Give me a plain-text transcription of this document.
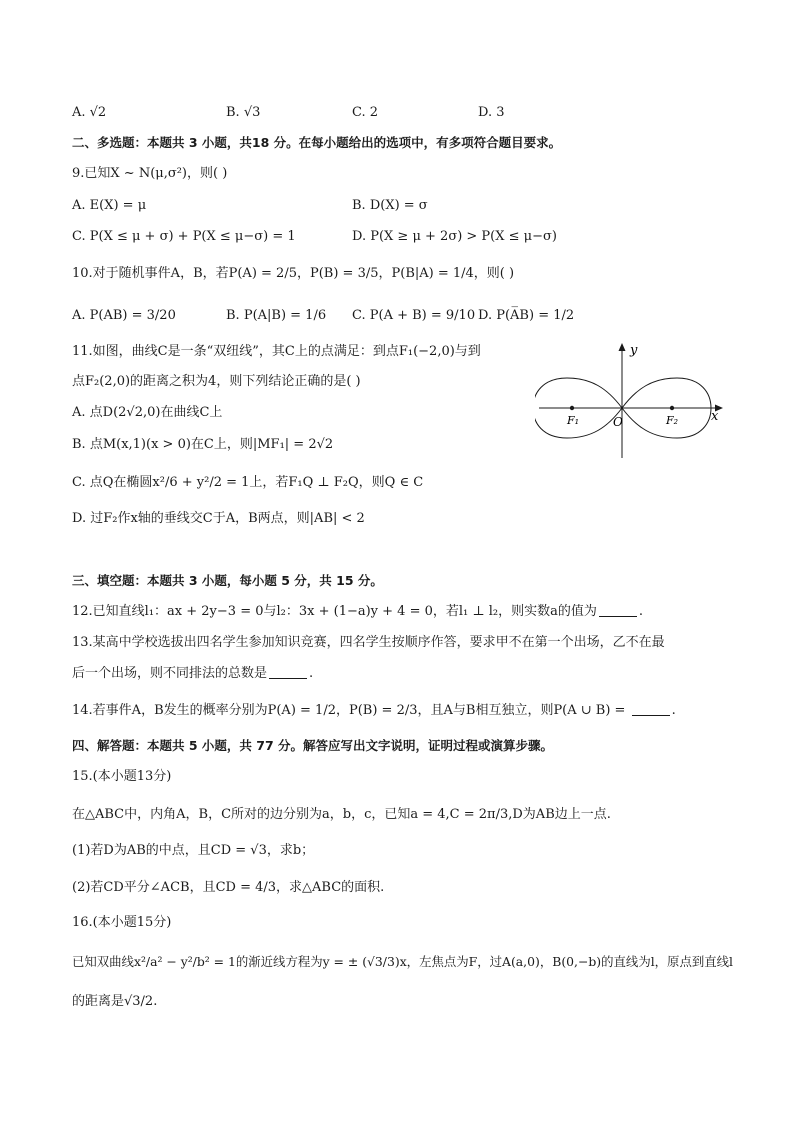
A. √2	B. √3	C. 2	D. 3
二、多选题：本题共 3 小题，共18 分。在每小题给出的选项中，有多项符合题目要求。
9.已知X ~ N(μ,σ²)，则( )
A. E(X) = μ	B. D(X) = σ
C. P(X ≤ μ + σ) + P(X ≤ μ−σ) = 1	D. P(X ≥ μ + 2σ) > P(X ≤ μ−σ)
10.对于随机事件A，B，若P(A) = 2/5，P(B) = 3/5，P(B|A) = 1/4，则( )
A. P(AB) = 3/20	B. P(A|B) = 1/6 C. P(A + B) = 9/10 D. P(A̅B) = 1/2
11.如图，曲线C是一条“双纽线”，其C上的点满足：到点F₁(−2,0)与到
点F₂(2,0)的距离之积为4，则下列结论正确的是( )
A. 点D(2√2,0)在曲线C上
B. 点M(x,1)(x > 0)在C上，则|MF₁| = 2√2
C. 点Q在椭圆x²/6 + y²/2 = 1上，若F₁Q ⊥ F₂Q，则Q ∈ C
D. 过F₂作x轴的垂线交C于A，B两点，则|AB| < 2
y
x
O
F₁	F₂
三、填空题：本题共 3 小题，每小题 5 分，共 15 分。
12.已知直线l₁：ax + 2y−3 = 0与l₂：3x + (1−a)y + 4 = 0，若l₁ ⊥ l₂，则实数a的值为	.
13.某高中学校选拔出四名学生参加知识竞赛，四名学生按顺序作答，要求甲不在第一个出场，乙不在最
后一个出场，则不同排法的总数是	.
14.若事件A，B发生的概率分别为P(A) = 1/2，P(B) = 2/3，且A与B相互独立，则P(A ∪ B) =	.
四、解答题：本题共 5 小题，共 77 分。解答应写出文字说明，证明过程或演算步骤。
15.(本小题13分)
在△ABC中，内角A，B，C所对的边分别为a，b，c，已知a = 4,C = 2π/3,D为AB边上一点.
(1)若D为AB的中点，且CD = √3，求b；
(2)若CD平分∠ACB，且CD = 4/3，求△ABC的面积.
16.(本小题15分)
已知双曲线x²/a² − y²/b² = 1的渐近线方程为y = ± (√3/3)x，左焦点为F，过A(a,0)，B(0,−b)的直线为l，原点到直线l
的距离是√3/2.
